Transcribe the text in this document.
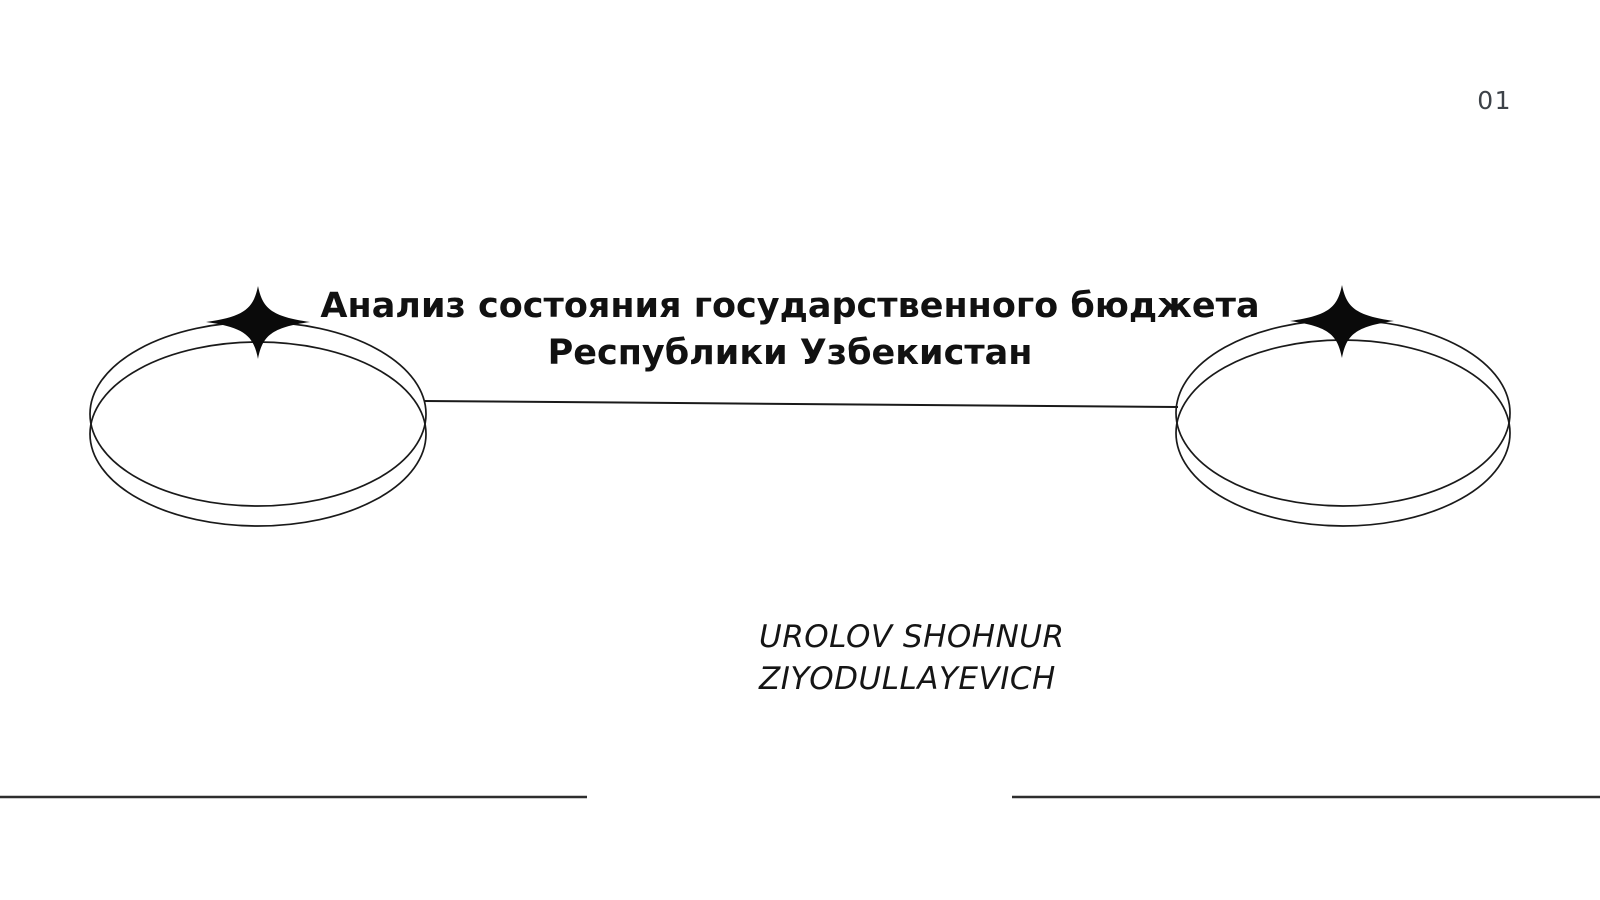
01
Анализ состояния государственного бюджета
Республики Узбекистан
UROLOV SHOHNUR
ZIYODULLAYEVICH
